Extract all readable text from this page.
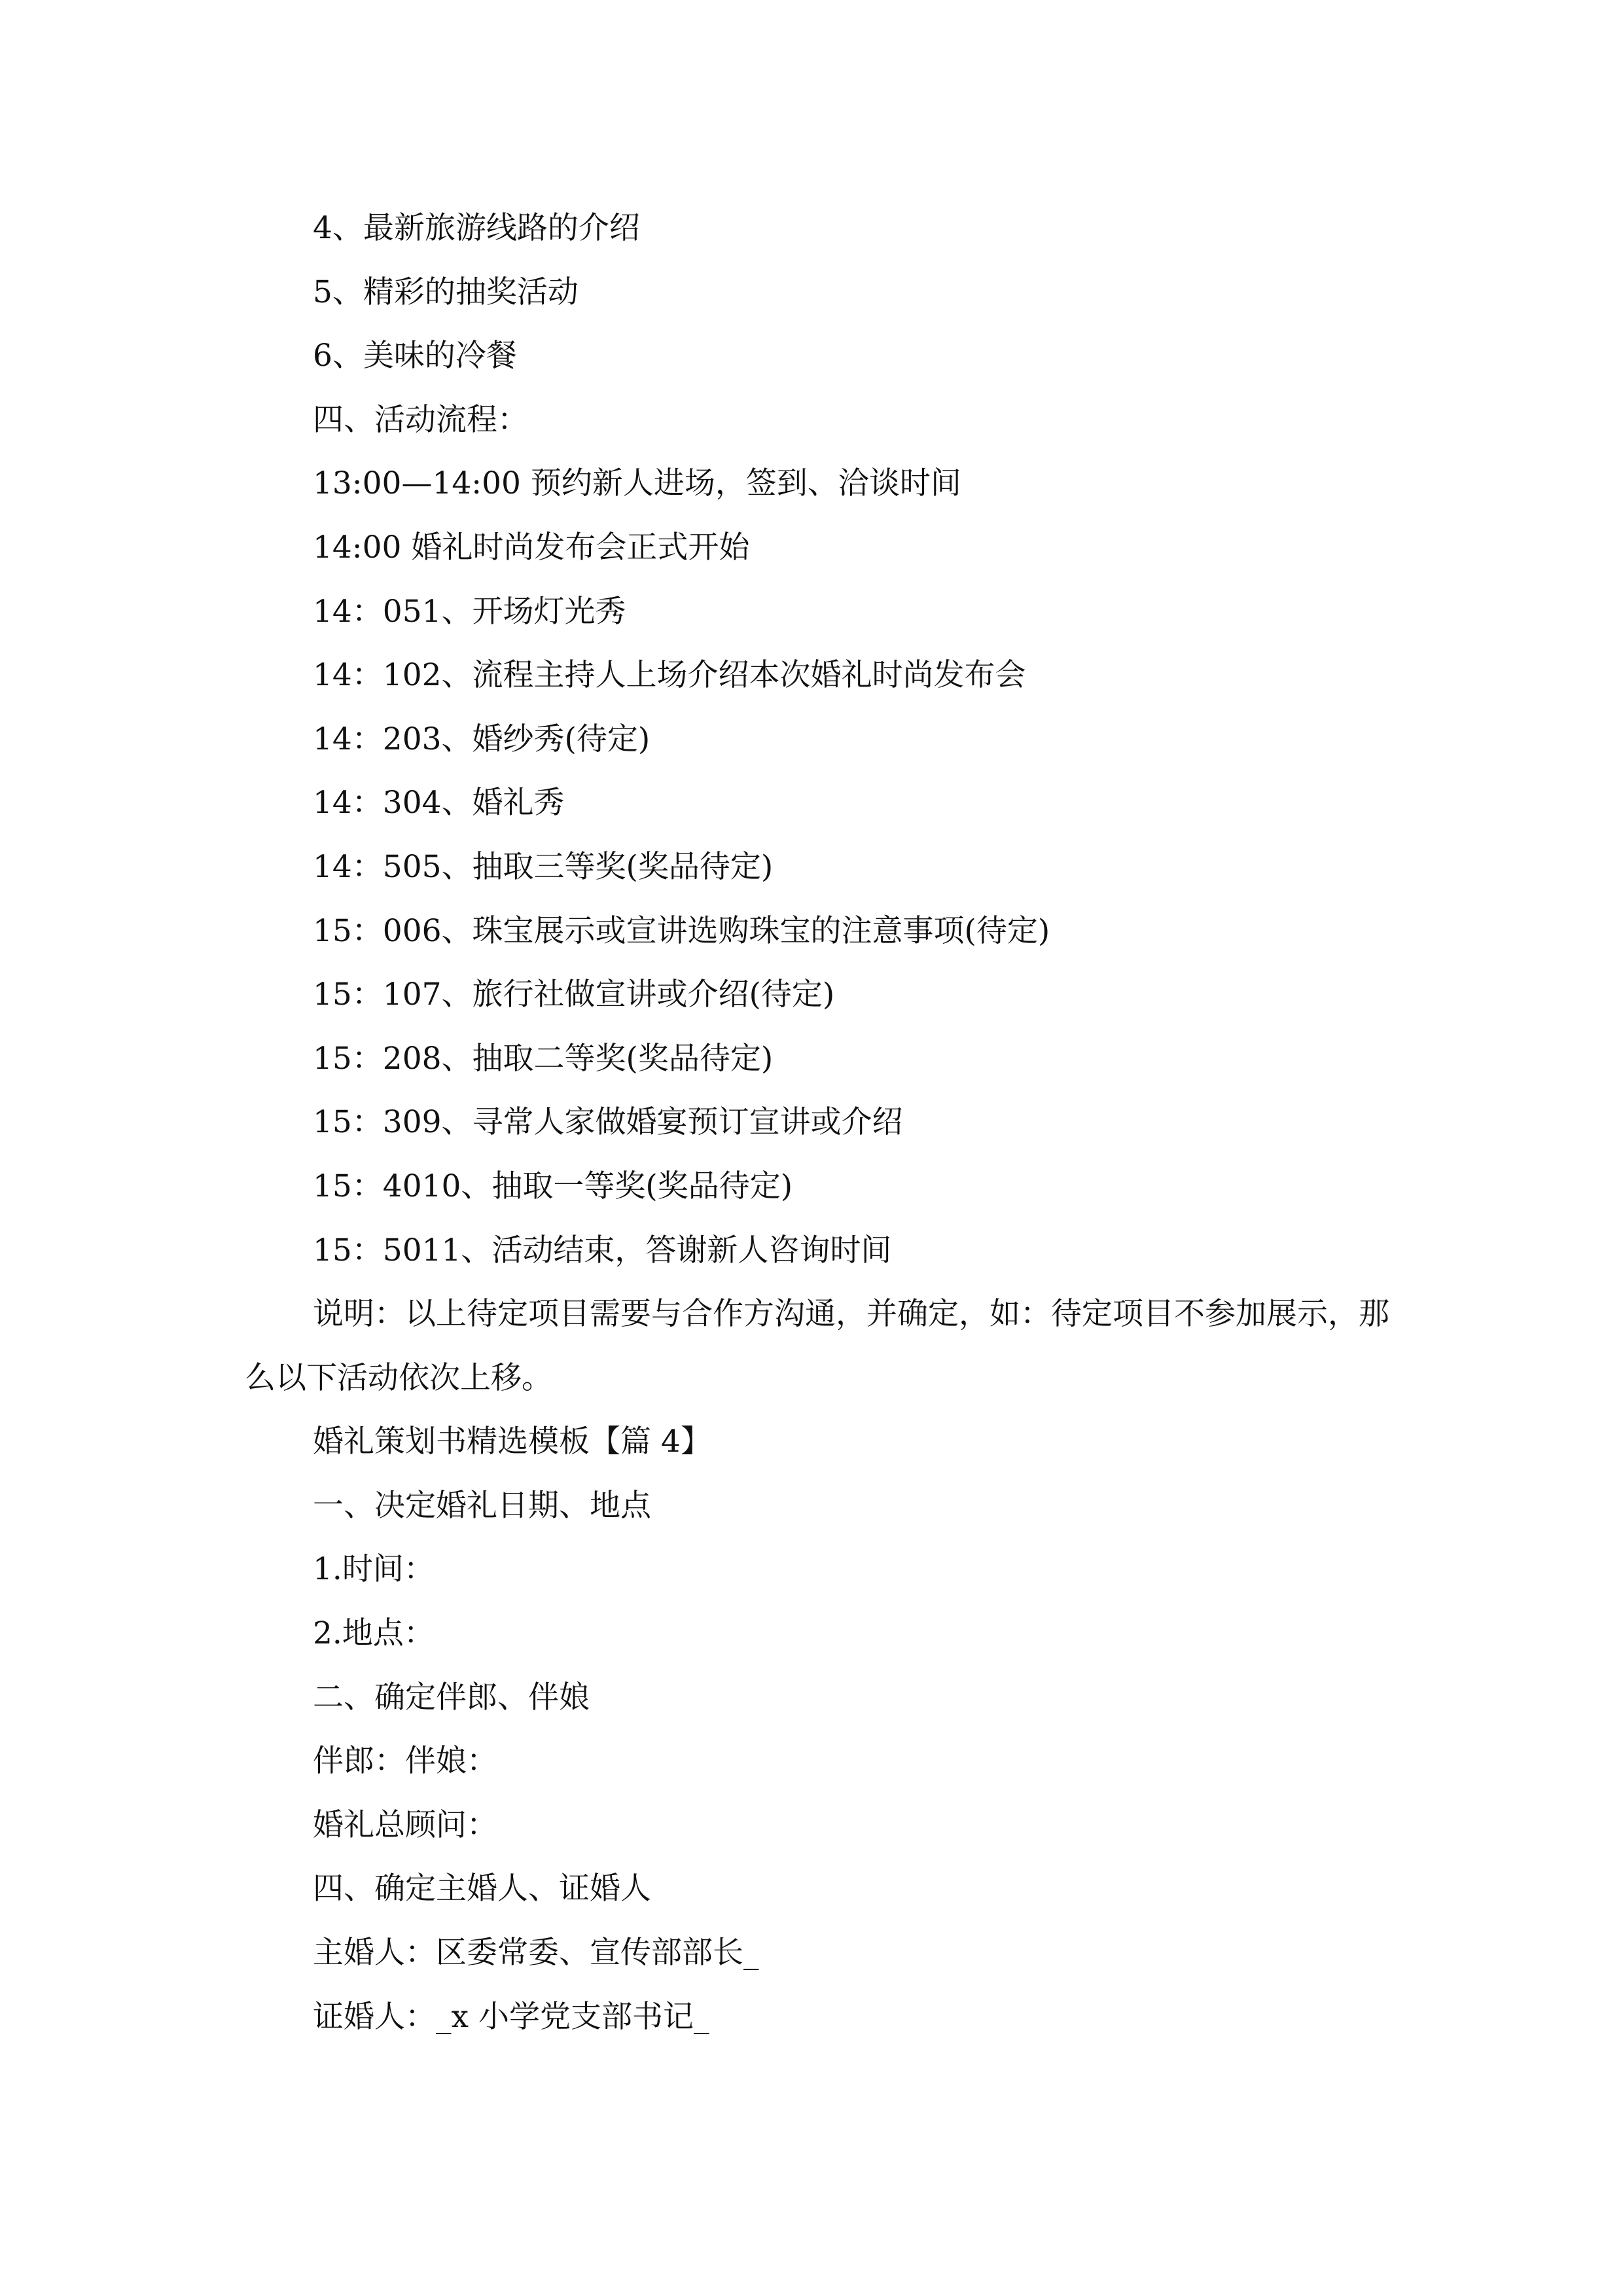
4、最新旅游线路的介绍

5、精彩的抽奖活动

6、美味的冷餐

四、活动流程：

13:00—14:00 预约新人进场，签到、洽谈时间

14:00 婚礼时尚发布会正式开始

14：051、开场灯光秀

14：102、流程主持人上场介绍本次婚礼时尚发布会

14：203、婚纱秀(待定)

14：304、婚礼秀

14：505、抽取三等奖(奖品待定)

15：006、珠宝展示或宣讲选购珠宝的注意事项(待定)

15：107、旅行社做宣讲或介绍(待定)

15：208、抽取二等奖(奖品待定)

15：309、寻常人家做婚宴预订宣讲或介绍

15：4010、抽取一等奖(奖品待定)

15：5011、活动结束，答谢新人咨询时间

说明：以上待定项目需要与合作方沟通，并确定，如：待定项目不参加展示，那么以下活动依次上移。

婚礼策划书精选模板【篇 4】

一、决定婚礼日期、地点

1.时间：

2.地点：

二、确定伴郎、伴娘

伴郎：伴娘：

婚礼总顾问：

四、确定主婚人、证婚人

主婚人：区委常委、宣传部部长_

证婚人：_x 小学党支部书记_
